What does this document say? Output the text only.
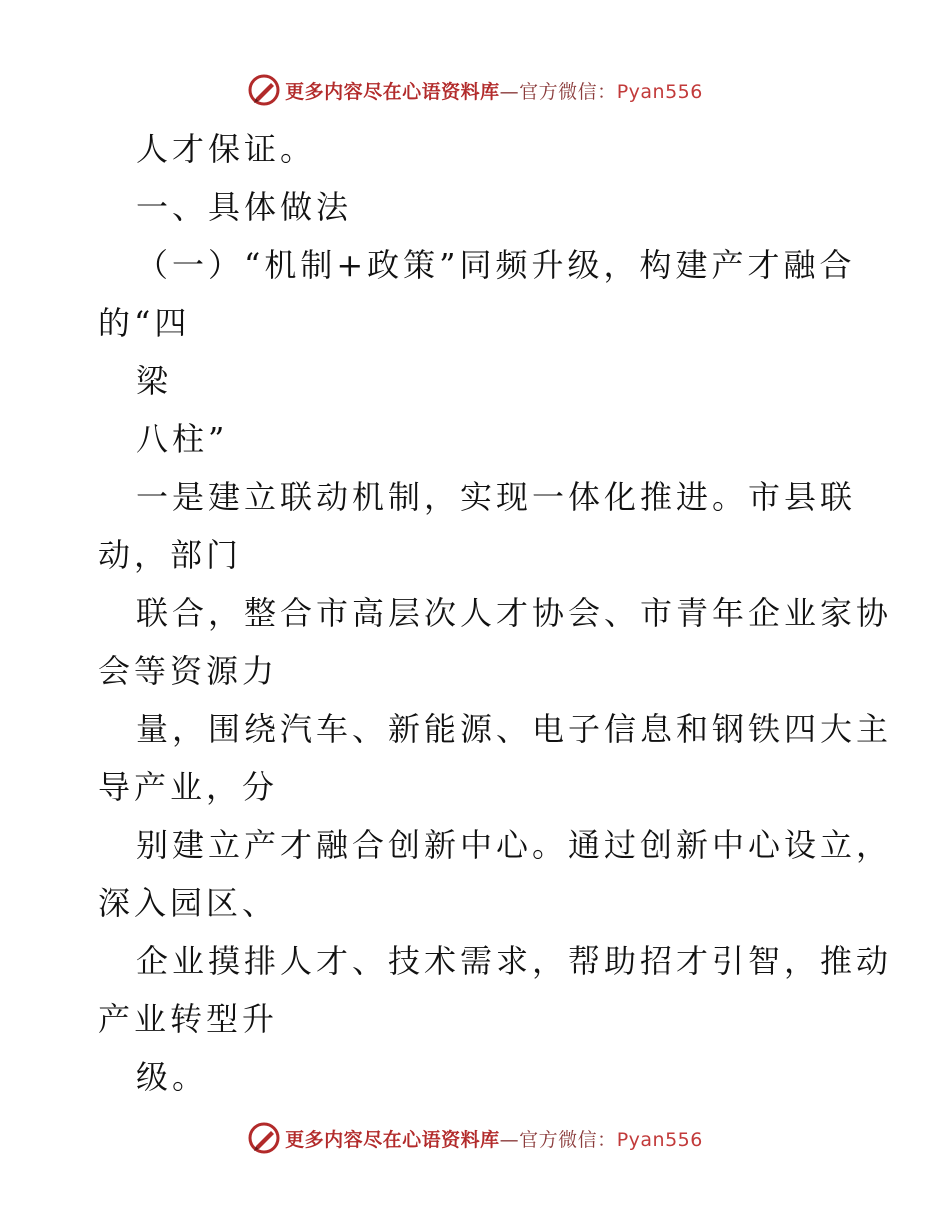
更多内容尽在心语资料库—官方微信：Pyan556
人才保证。
一、具体做法
（一）“机制+政策”同频升级，构建产才融合
的“四
梁
八柱”
一是建立联动机制，实现一体化推进。市县联
动，部门
联合，整合市高层次人才协会、市青年企业家协
会等资源力
量，围绕汽车、新能源、电子信息和钢铁四大主
导产业，分
别建立产才融合创新中心。通过创新中心设立，
深入园区、
企业摸排人才、技术需求，帮助招才引智，推动
产业转型升
级。
更多内容尽在心语资料库—官方微信：Pyan556
